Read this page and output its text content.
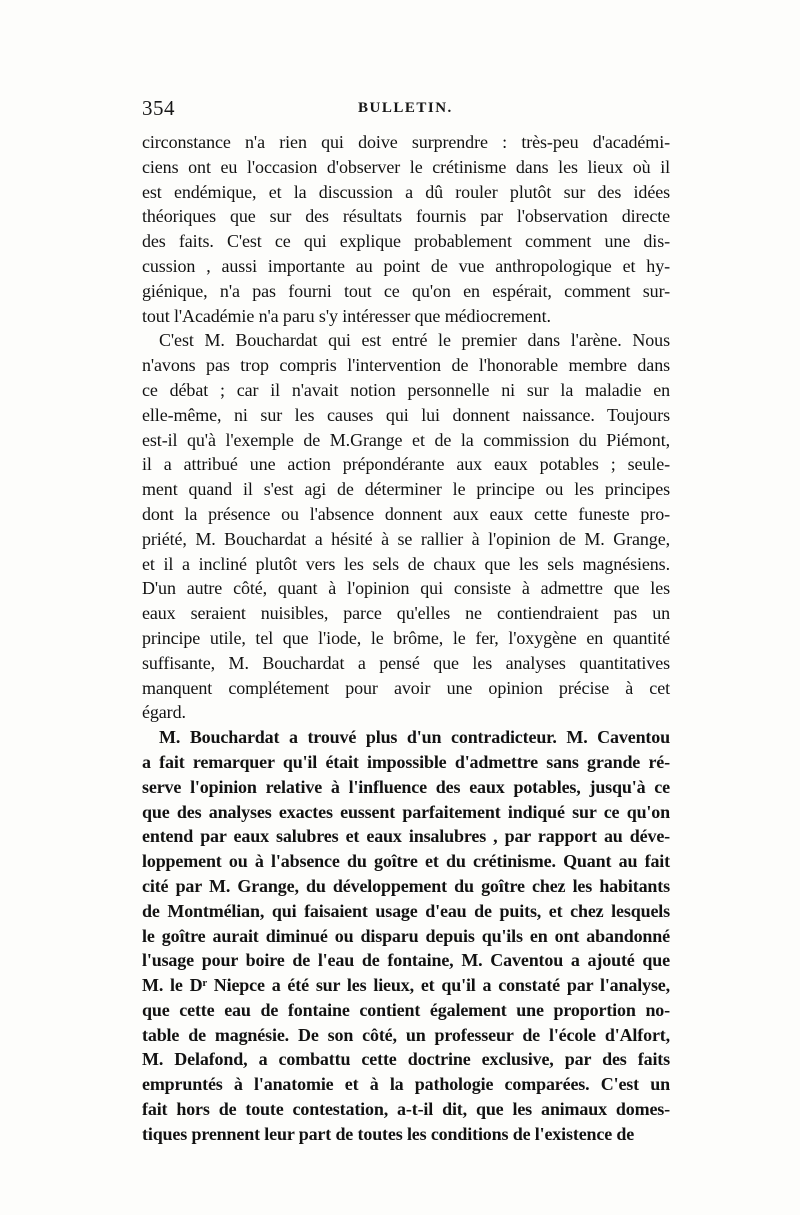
354	BULLETIN.
circonstance n'a rien qui doive surprendre : très-peu d'académi-
ciens ont eu l'occasion d'observer le crétinisme dans les lieux où il
est endémique, et la discussion a dû rouler plutôt sur des idées
théoriques que sur des résultats fournis par l'observation directe
des faits. C'est ce qui explique probablement comment une dis-
cussion , aussi importante au point de vue anthropologique et hy-
giénique, n'a pas fourni tout ce qu'on en espérait, comment sur-
tout l'Académie n'a paru s'y intéresser que médiocrement.
C'est M. Bouchardat qui est entré le premier dans l'arène. Nous
n'avons pas trop compris l'intervention de l'honorable membre dans
ce débat ; car il n'avait notion personnelle ni sur la maladie en
elle-même, ni sur les causes qui lui donnent naissance. Toujours
est-il qu'à l'exemple de M.Grange et de la commission du Piémont,
il a attribué une action prépondérante aux eaux potables ; seule-
ment quand il s'est agi de déterminer le principe ou les principes
dont la présence ou l'absence donnent aux eaux cette funeste pro-
priété, M. Bouchardat a hésité à se rallier à l'opinion de M. Grange,
et il a incliné plutôt vers les sels de chaux que les sels magnésiens.
D'un autre côté, quant à l'opinion qui consiste à admettre que les
eaux seraient nuisibles, parce qu'elles ne contiendraient pas un
principe utile, tel que l'iode, le brôme, le fer, l'oxygène en quantité
suffisante, M. Bouchardat a pensé que les analyses quantitatives
manquent complétement pour avoir une opinion précise à cet
égard.
M. Bouchardat a trouvé plus d'un contradicteur. M. Caventou
a fait remarquer qu'il était impossible d'admettre sans grande ré-
serve l'opinion relative à l'influence des eaux potables, jusqu'à ce
que des analyses exactes eussent parfaitement indiqué sur ce qu'on
entend par eaux salubres et eaux insalubres , par rapport au déve-
loppement ou à l'absence du goître et du crétinisme. Quant au fait
cité par M. Grange, du développement du goître chez les habitants
de Montmélian, qui faisaient usage d'eau de puits, et chez lesquels
le goître aurait diminué ou disparu depuis qu'ils en ont abandonné
l'usage pour boire de l'eau de fontaine, M. Caventou a ajouté que
M. le Dʳ Niepce a été sur les lieux, et qu'il a constaté par l'analyse,
que cette eau de fontaine contient également une proportion no-
table de magnésie. De son côté, un professeur de l'école d'Alfort,
M. Delafond, a combattu cette doctrine exclusive, par des faits
empruntés à l'anatomie et à la pathologie comparées. C'est un
fait hors de toute contestation, a-t-il dit, que les animaux domes-
tiques prennent leur part de toutes les conditions de l'existence de
